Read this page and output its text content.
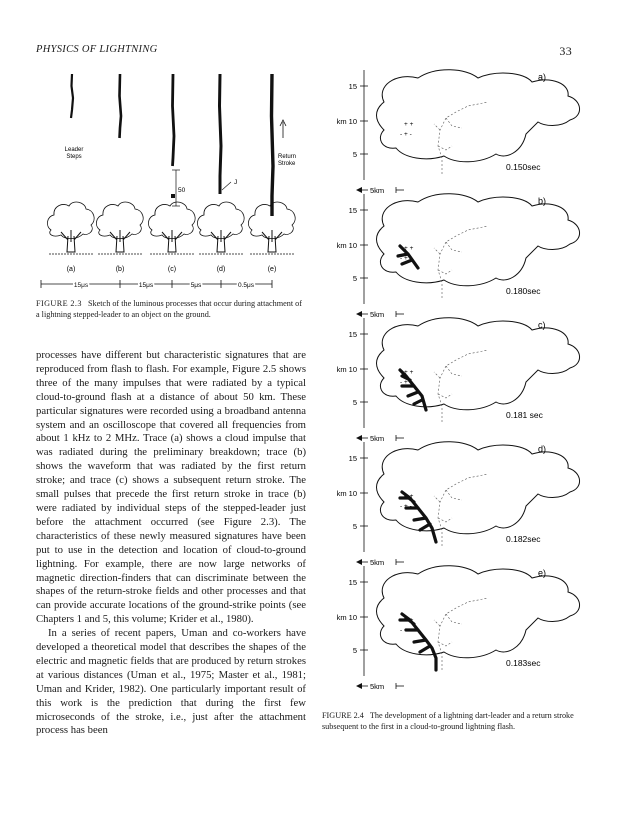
PHYSICS OF LIGHTNING	33
Leader
Steps	Return
Stroke
50
J
(a)	(b)	(c)	(d)	(e)
15μs	15μs	5μs	0.5μs
FIGURE 2.3 Sketch of the luminous processes that occur during attachment of a lightning stepped-leader to an object on the ground.

processes have different but characteristic signatures that are reproduced from flash to flash. For example, Figure 2.5 shows three of the many impulses that were radiated by a typical cloud-to-ground flash at a distance of about 50 km. These particular signatures were recorded using a broadband antenna system and an oscilloscope that covered all frequencies from about 1 kHz to 2 MHz. Trace (a) shows a cloud impulse that was radiated during the preliminary breakdown; trace (b) shows the waveform that was radiated by the first return stroke; and trace (c) shows a subsequent return stroke. The small pulses that precede the first return stroke in trace (b) were radiated by individual steps of the stepped-leader just before the attachment occurred (see Figure 2.3). The characteristics of these newly measured signatures have been put to use in the detection and location of cloud-to-ground lightning. For example, there are now large networks of magnetic direction-finders that can discriminate between the shapes of the return-stroke fields and other processes and that can provide accurate locations of the ground-strike points (see Chapters 1 and 5, this volume; Krider et al., 1980).

In a series of recent papers, Uman and co-workers have developed a theoretical model that describes the shapes of the electric and magnetic fields that are produced by return strokes at various distances (Uman et al., 1975; Master et al., 1981; Uman and Krider, 1982). One particularly important result of this work is the prediction that during the first few microseconds of the stroke, i.e., just after the attachment process has been

15
km 10
5
+ +
- + -
a)
0.150sec
5km
15
km 10
5
+ +
- + -
b)
0.180sec
5km
15
km 10
5
+ +
- + -
c)
0.181 sec
5km
15
km 10
5
+ +
- + -
d)
0.182sec
5km
15
km 10
5
+ +
- + -
e)
0.183sec
5km
FIGURE 2.4 The development of a lightning dart-leader and a return stroke subsequent to the first in a cloud-to-ground lightning flash.
